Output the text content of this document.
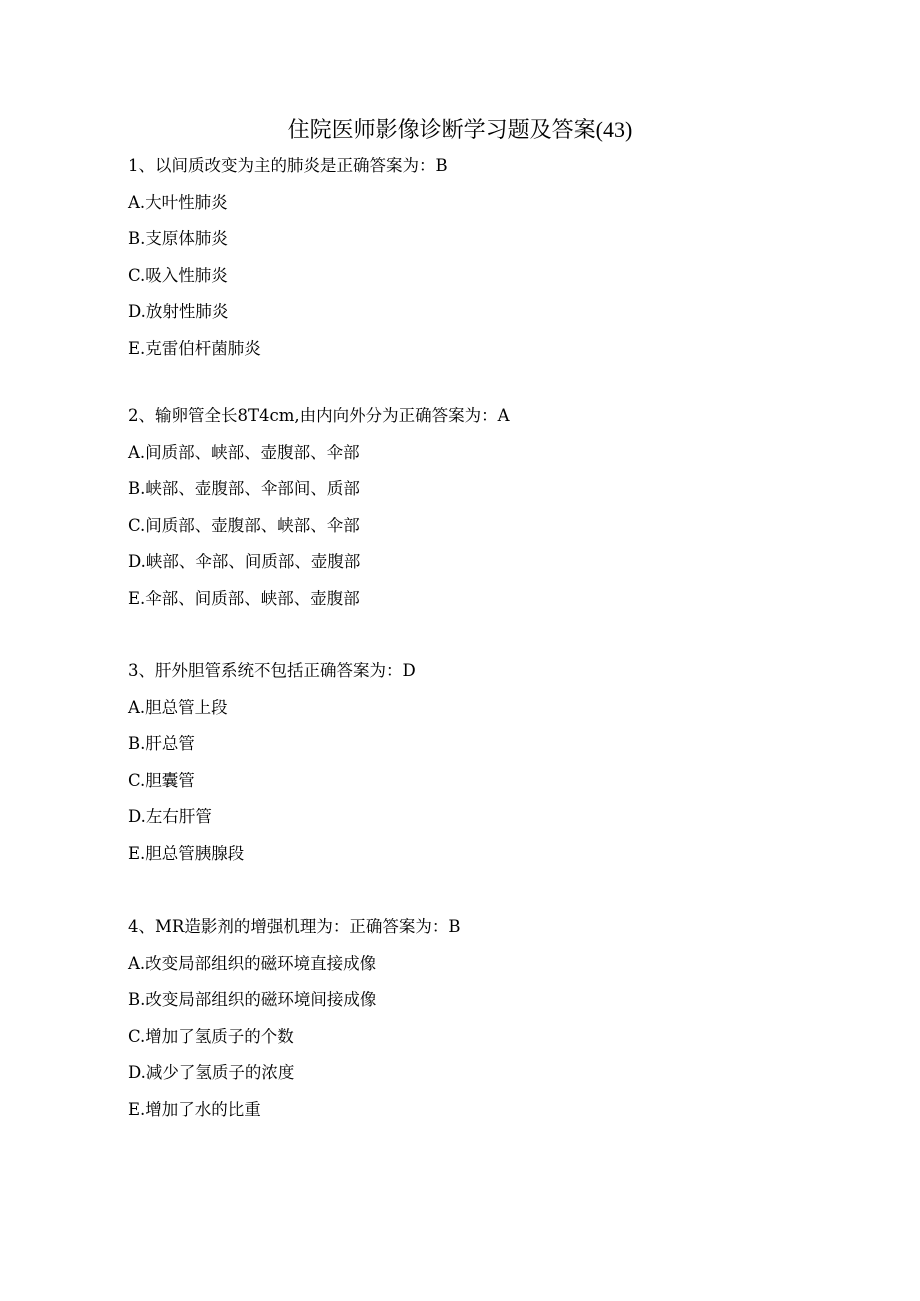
住院医师影像诊断学习题及答案(43)
1、以间质改变为主的肺炎是正确答案为：B
A.大叶性肺炎
B.支原体肺炎
C.吸入性肺炎
D.放射性肺炎
E.克雷伯杆菌肺炎
2、输卵管全长8T4cm,由内向外分为正确答案为：A
A.间质部、峡部、壶腹部、伞部
B.峡部、壶腹部、伞部间、质部
C.间质部、壶腹部、峡部、伞部
D.峡部、伞部、间质部、壶腹部
E.伞部、间质部、峡部、壶腹部
3、肝外胆管系统不包括正确答案为：D
A.胆总管上段
B.肝总管
C.胆囊管
D.左右肝管
E.胆总管胰腺段
4、MR造影剂的增强机理为：正确答案为：B
A.改变局部组织的磁环境直接成像
B.改变局部组织的磁环境间接成像
C.增加了氢质子的个数
D.减少了氢质子的浓度
E.增加了水的比重
